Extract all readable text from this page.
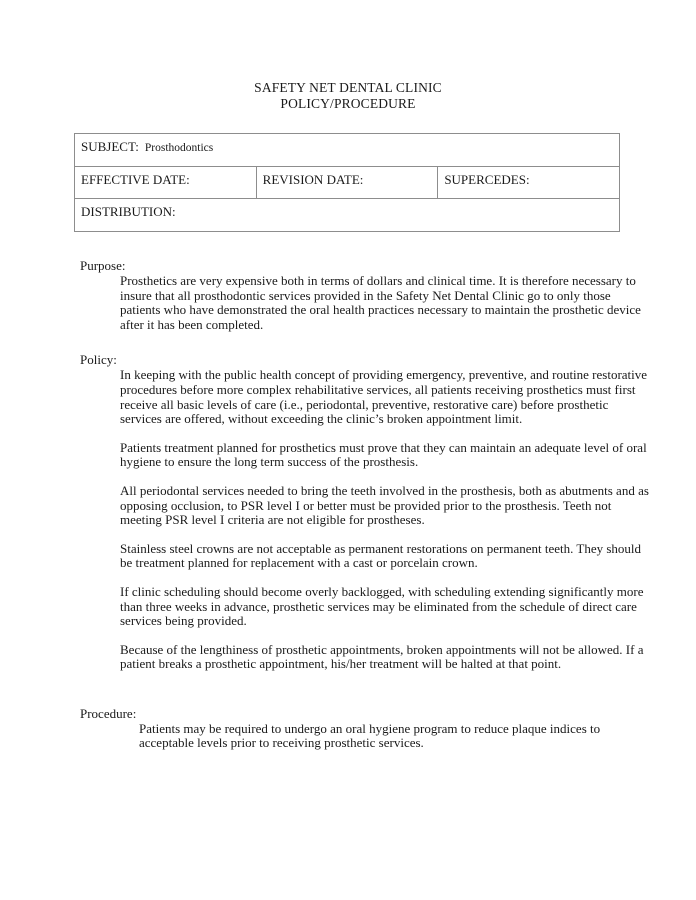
SAFETY NET DENTAL CLINIC
POLICY/PROCEDURE
SUBJECT: Prosthodontics
EFFECTIVE DATE:	REVISION DATE:	SUPERCEDES:
DISTRIBUTION:
Purpose:

Prosthetics are very expensive both in terms of dollars and clinical time. It is therefore necessary to insure that all prosthodontic services provided in the Safety Net Dental Clinic go to only those patients who have demonstrated the oral health practices necessary to maintain the prosthetic device after it has been completed.

Policy:

In keeping with the public health concept of providing emergency, preventive, and routine restorative procedures before more complex rehabilitative services, all patients receiving prosthetics must first receive all basic levels of care (i.e., periodontal, preventive, restorative care) before prosthetic services are offered, without exceeding the clinic’s broken appointment limit.

Patients treatment planned for prosthetics must prove that they can maintain an adequate level of oral hygiene to ensure the long term success of the prosthesis.

All periodontal services needed to bring the teeth involved in the prosthesis, both as abutments and as opposing occlusion, to PSR level I or better must be provided prior to the prosthesis. Teeth not meeting PSR level I criteria are not eligible for prostheses.

Stainless steel crowns are not acceptable as permanent restorations on permanent teeth. They should be treatment planned for replacement with a cast or porcelain crown.

If clinic scheduling should become overly backlogged, with scheduling extending significantly more than three weeks in advance, prosthetic services may be eliminated from the schedule of direct care services being provided.

Because of the lengthiness of prosthetic appointments, broken appointments will not be allowed. If a patient breaks a prosthetic appointment, his/her treatment will be halted at that point.

Procedure:

Patients may be required to undergo an oral hygiene program to reduce plaque indices to acceptable levels prior to receiving prosthetic services.
